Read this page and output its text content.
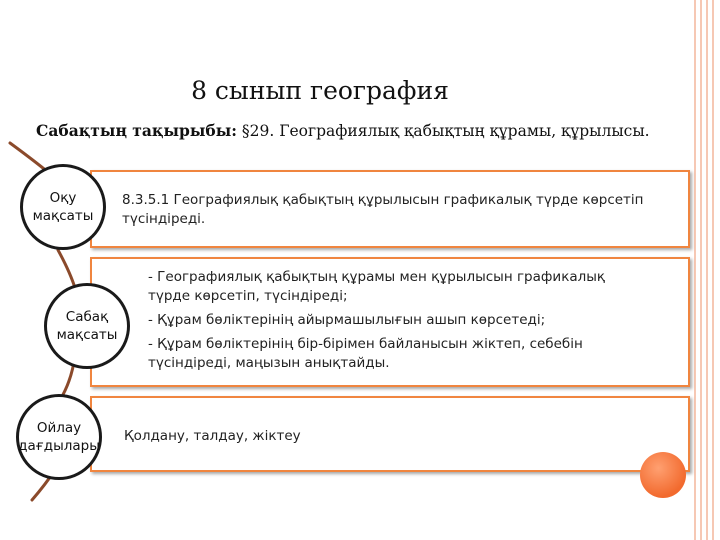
8 сынып география
Сабақтың тақырыбы: §29. Географиялық қабықтың құрамы, құрылысы.
8.3.5.1 Географиялық қабықтың құрылысын графикалық түрде көрсетіп
түсіндіреді.
Оқу
мақсаты
- Географиялық қабықтың құрамы мен құрылысын графикалық
түрде көрсетіп, түсіндіреді;
- Құрам бөліктерінің айырмашылығын ашып көрсетеді;
- Құрам бөліктерінің бір-бірімен байланысын жіктеп, себебін
түсіндіреді, маңызын анықтайды.
Сабақ
мақсаты
Қолдану, талдау, жіктеу
Ойлау
дағдылары
